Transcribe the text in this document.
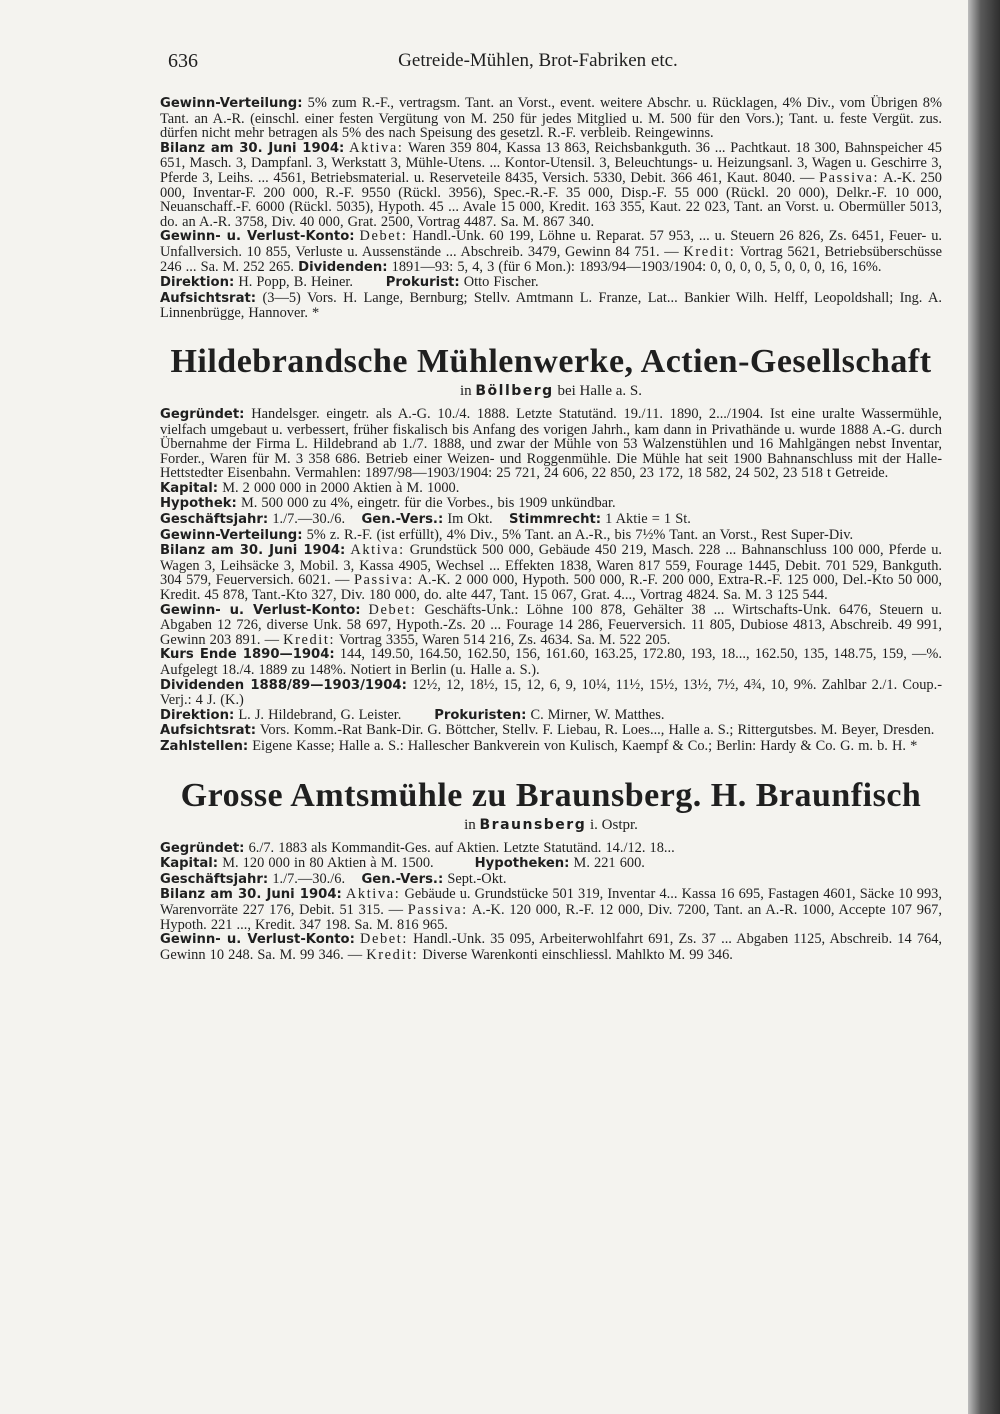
636	Getreide-Mühlen, Brot-Fabriken etc.

Gewinn-Verteilung: 5% zum R.-F., vertragsm. Tant. an Vorst., event. weitere Abschr. u. Rücklagen, 4% Div., vom Übrigen 8% Tant. an A.-R. (einschl. einer festen Vergütung von M. 250 für jedes Mitglied u. M. 500 für den Vors.); Tant. u. feste Vergüt. zus. dürfen nicht mehr betragen als 5% des nach Speisung des gesetzl. R.-F. verbleib. Reingewinns.

Bilanz am 30. Juni 1904: Aktiva: Waren 359 804, Kassa 13 863, Reichsbankguth. 36 ... Pachtkaut. 18 300, Bahnspeicher 45 651, Masch. 3, Dampfanl. 3, Werkstatt 3, Mühle-Utens. ... Kontor-Utensil. 3, Beleuchtungs- u. Heizungsanl. 3, Wagen u. Geschirre 3, Pferde 3, Leihs. ... 4561, Betriebsmaterial. u. Reserveteile 8435, Versich. 5330, Debit. 366 461, Kaut. 8040. — Passiva: A.-K. 250 000, Inventar-F. 200 000, R.-F. 9550 (Rückl. 3956), Spec.-R.-F. 35 000, Disp.-F. 55 000 (Rückl. 20 000), Delkr.-F. 10 000, Neuanschaff.-F. 6000 (Rückl. 5035), Hypoth. 45 ... Avale 15 000, Kredit. 163 355, Kaut. 22 023, Tant. an Vorst. u. Obermüller 5013, do. an A.-R. 3758, Div. 40 000, Grat. 2500, Vortrag 4487. Sa. M. 867 340.

Gewinn- u. Verlust-Konto: Debet: Handl.-Unk. 60 199, Löhne u. Reparat. 57 953, ... u. Steuern 26 826, Zs. 6451, Feuer- u. Unfallversich. 10 855, Verluste u. Aussenstände ... Abschreib. 3479, Gewinn 84 751. — Kredit: Vortrag 5621, Betriebsüberschüsse 246 ... Sa. M. 252 265. Dividenden: 1891—93: 5, 4, 3 (für 6 Mon.): 1893/94—1903/1904: 0, 0, 0, 0, 5, 0, 0, 0, 16, 16%.

Direktion: H. Popp, B. Heiner. Prokurist: Otto Fischer.

Aufsichtsrat: (3—5) Vors. H. Lange, Bernburg; Stellv. Amtmann L. Franze, Lat... Bankier Wilh. Helff, Leopoldshall; Ing. A. Linnenbrügge, Hannover. *

Hildebrandsche Mühlenwerke, Actien-Gesellschaft

in Böllberg bei Halle a. S.

Gegründet: Handelsger. eingetr. als A.-G. 10./4. 1888. Letzte Statutänd. 19./11. 1890, 2.../1904. Ist eine uralte Wassermühle, vielfach umgebaut u. verbessert, früher fiskalisch bis Anfang des vorigen Jahrh., kam dann in Privathände u. wurde 1888 A.-G. durch Übernahme der Firma L. Hildebrand ab 1./7. 1888, und zwar der Mühle von 53 Walzenstühlen und 16 Mahlgängen nebst Inventar, Forder., Waren für M. 3 358 686. Betrieb einer Weizen- und Roggenmühle. Die Mühle hat seit 1900 Bahnanschluss mit der Halle-Hettstedter Eisenbahn. Vermahlen: 1897/98—1903/1904: 25 721, 24 606, 22 850, 23 172, 18 582, 24 502, 23 518 t Getreide.

Kapital: M. 2 000 000 in 2000 Aktien à M. 1000.

Hypothek: M. 500 000 zu 4%, eingetr. für die Vorbes., bis 1909 unkündbar.

Geschäftsjahr: 1./7.—30./6. Gen.-Vers.: Im Okt. Stimmrecht: 1 Aktie = 1 St.

Gewinn-Verteilung: 5% z. R.-F. (ist erfüllt), 4% Div., 5% Tant. an A.-R., bis 7½% Tant. an Vorst., Rest Super-Div.

Bilanz am 30. Juni 1904: Aktiva: Grundstück 500 000, Gebäude 450 219, Masch. 228 ... Bahnanschluss 100 000, Pferde u. Wagen 3, Leihsäcke 3, Mobil. 3, Kassa 4905, Wechsel ... Effekten 1838, Waren 817 559, Fourage 1445, Debit. 701 529, Bankguth. 304 579, Feuerversich. 6021. — Passiva: A.-K. 2 000 000, Hypoth. 500 000, R.-F. 200 000, Extra-R.-F. 125 000, Del.-Kto 50 000, Kredit. 45 878, Tant.-Kto 327, Div. 180 000, do. alte 447, Tant. 15 067, Grat. 4..., Vortrag 4824. Sa. M. 3 125 544.

Gewinn- u. Verlust-Konto: Debet: Geschäfts-Unk.: Löhne 100 878, Gehälter 38 ... Wirtschafts-Unk. 6476, Steuern u. Abgaben 12 726, diverse Unk. 58 697, Hypoth.-Zs. 20 ... Fourage 14 286, Feuerversich. 11 805, Dubiose 4813, Abschreib. 49 991, Gewinn 203 891. — Kredit: Vortrag 3355, Waren 514 216, Zs. 4634. Sa. M. 522 205.

Kurs Ende 1890—1904: 144, 149.50, 164.50, 162.50, 156, 161.60, 163.25, 172.80, 193, 18..., 162.50, 135, 148.75, 159, —%. Aufgelegt 18./4. 1889 zu 148%. Notiert in Berlin (u. Halle a. S.).

Dividenden 1888/89—1903/1904: 12½, 12, 18½, 15, 12, 6, 9, 10¼, 11½, 15½, 13½, 7½, 4¾, 10, 9%. Zahlbar 2./1. Coup.-Verj.: 4 J. (K.)

Direktion: L. J. Hildebrand, G. Leister. Prokuristen: C. Mirner, W. Matthes.

Aufsichtsrat: Vors. Komm.-Rat Bank-Dir. G. Böttcher, Stellv. F. Liebau, R. Loes..., Halle a. S.; Rittergutsbes. M. Beyer, Dresden.

Zahlstellen: Eigene Kasse; Halle a. S.: Hallescher Bankverein von Kulisch, Kaempf & Co.; Berlin: Hardy & Co. G. m. b. H. *

Grosse Amtsmühle zu Braunsberg. H. Braunfisch

in Braunsberg i. Ostpr.

Gegründet: 6./7. 1883 als Kommandit-Ges. auf Aktien. Letzte Statutänd. 14./12. 18...

Kapital: M. 120 000 in 80 Aktien à M. 1500.	Hypotheken: M. 221 600.

Geschäftsjahr: 1./7.—30./6. Gen.-Vers.: Sept.-Okt.

Bilanz am 30. Juni 1904: Aktiva: Gebäude u. Grundstücke 501 319, Inventar 4... Kassa 16 695, Fastagen 4601, Säcke 10 993, Warenvorräte 227 176, Debit. 51 315. — Passiva: A.-K. 120 000, R.-F. 12 000, Div. 7200, Tant. an A.-R. 1000, Accepte 107 967, Hypoth. 221 ..., Kredit. 347 198. Sa. M. 816 965.

Gewinn- u. Verlust-Konto: Debet: Handl.-Unk. 35 095, Arbeiterwohlfahrt 691, Zs. 37 ... Abgaben 1125, Abschreib. 14 764, Gewinn 10 248. Sa. M. 99 346. — Kredit: Diverse Warenkonti einschliessl. Mahlkto M. 99 346.
